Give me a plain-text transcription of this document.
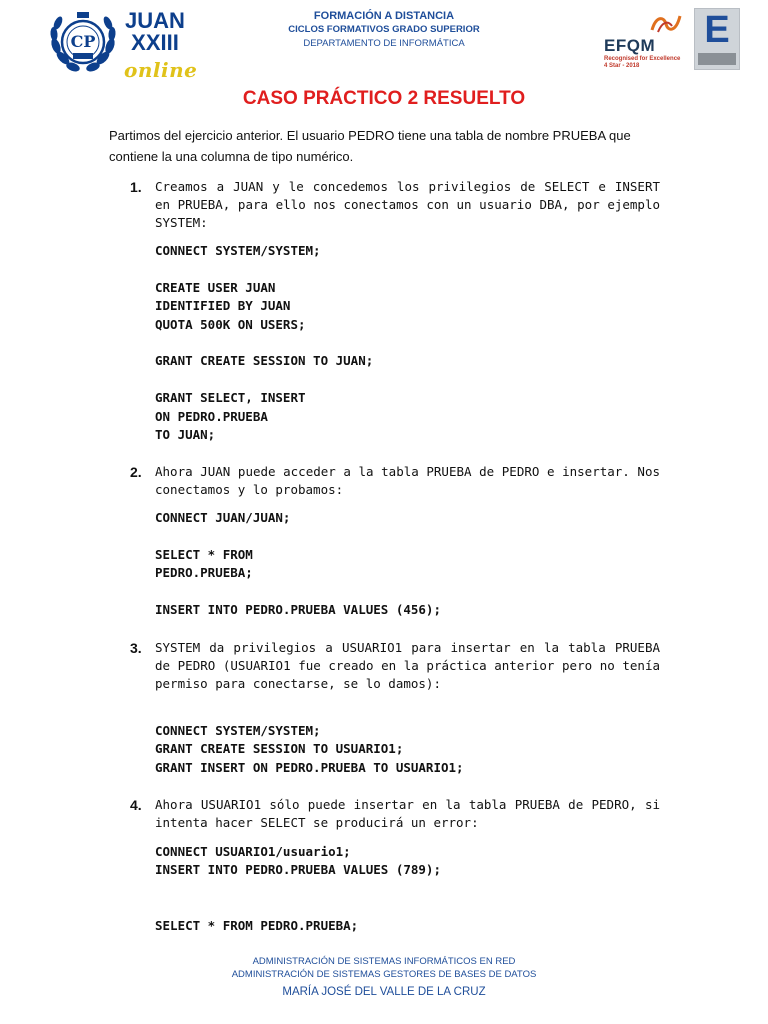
CP
JUAN XXIII
online
FORMACIÓN A DISTANCIA
CICLOS FORMATIVOS GRADO SUPERIOR
DEPARTAMENTO DE INFORMÁTICA	EFQM
Recognised for Excellence
4 Star - 2018
E
CASO PRÁCTICO 2 RESUELTO
Partimos del ejercicio anterior. El usuario PEDRO tiene una tabla de nombre PRUEBA que contiene la una columna de tipo numérico.
1.	Creamos a JUAN y le concedemos los privilegios de SELECT e INSERT en PRUEBA, para ello nos conectamos con un usuario DBA, por ejemplo SYSTEM:
CONNECT SYSTEM/SYSTEM;

CREATE USER JUAN
IDENTIFIED BY JUAN
QUOTA 500K ON USERS;

GRANT CREATE SESSION TO JUAN;

GRANT SELECT, INSERT
ON PEDRO.PRUEBA
TO JUAN;
2.	Ahora JUAN puede acceder a la tabla PRUEBA de PEDRO e insertar. Nos conectamos y lo probamos:
CONNECT JUAN/JUAN;

SELECT * FROM
PEDRO.PRUEBA;

INSERT INTO PEDRO.PRUEBA VALUES (456);
3.	SYSTEM da privilegios a USUARIO1 para insertar en la tabla PRUEBA de PEDRO (USUARIO1 fue creado en la práctica anterior pero no tenía permiso para conectarse, se lo damos):
CONNECT SYSTEM/SYSTEM;
GRANT CREATE SESSION TO USUARIO1;
GRANT INSERT ON PEDRO.PRUEBA TO USUARIO1;
4.	Ahora USUARIO1 sólo puede insertar en la tabla PRUEBA de PEDRO, si intenta hacer SELECT se producirá un error:
CONNECT USUARIO1/usuario1;
INSERT INTO PEDRO.PRUEBA VALUES (789);

SELECT * FROM PEDRO.PRUEBA;
ADMINISTRACIÓN DE SISTEMAS INFORMÁTICOS EN RED
ADMINISTRACIÓN DE SISTEMAS GESTORES DE BASES DE DATOS
MARÍA JOSÉ DEL VALLE DE LA CRUZ
